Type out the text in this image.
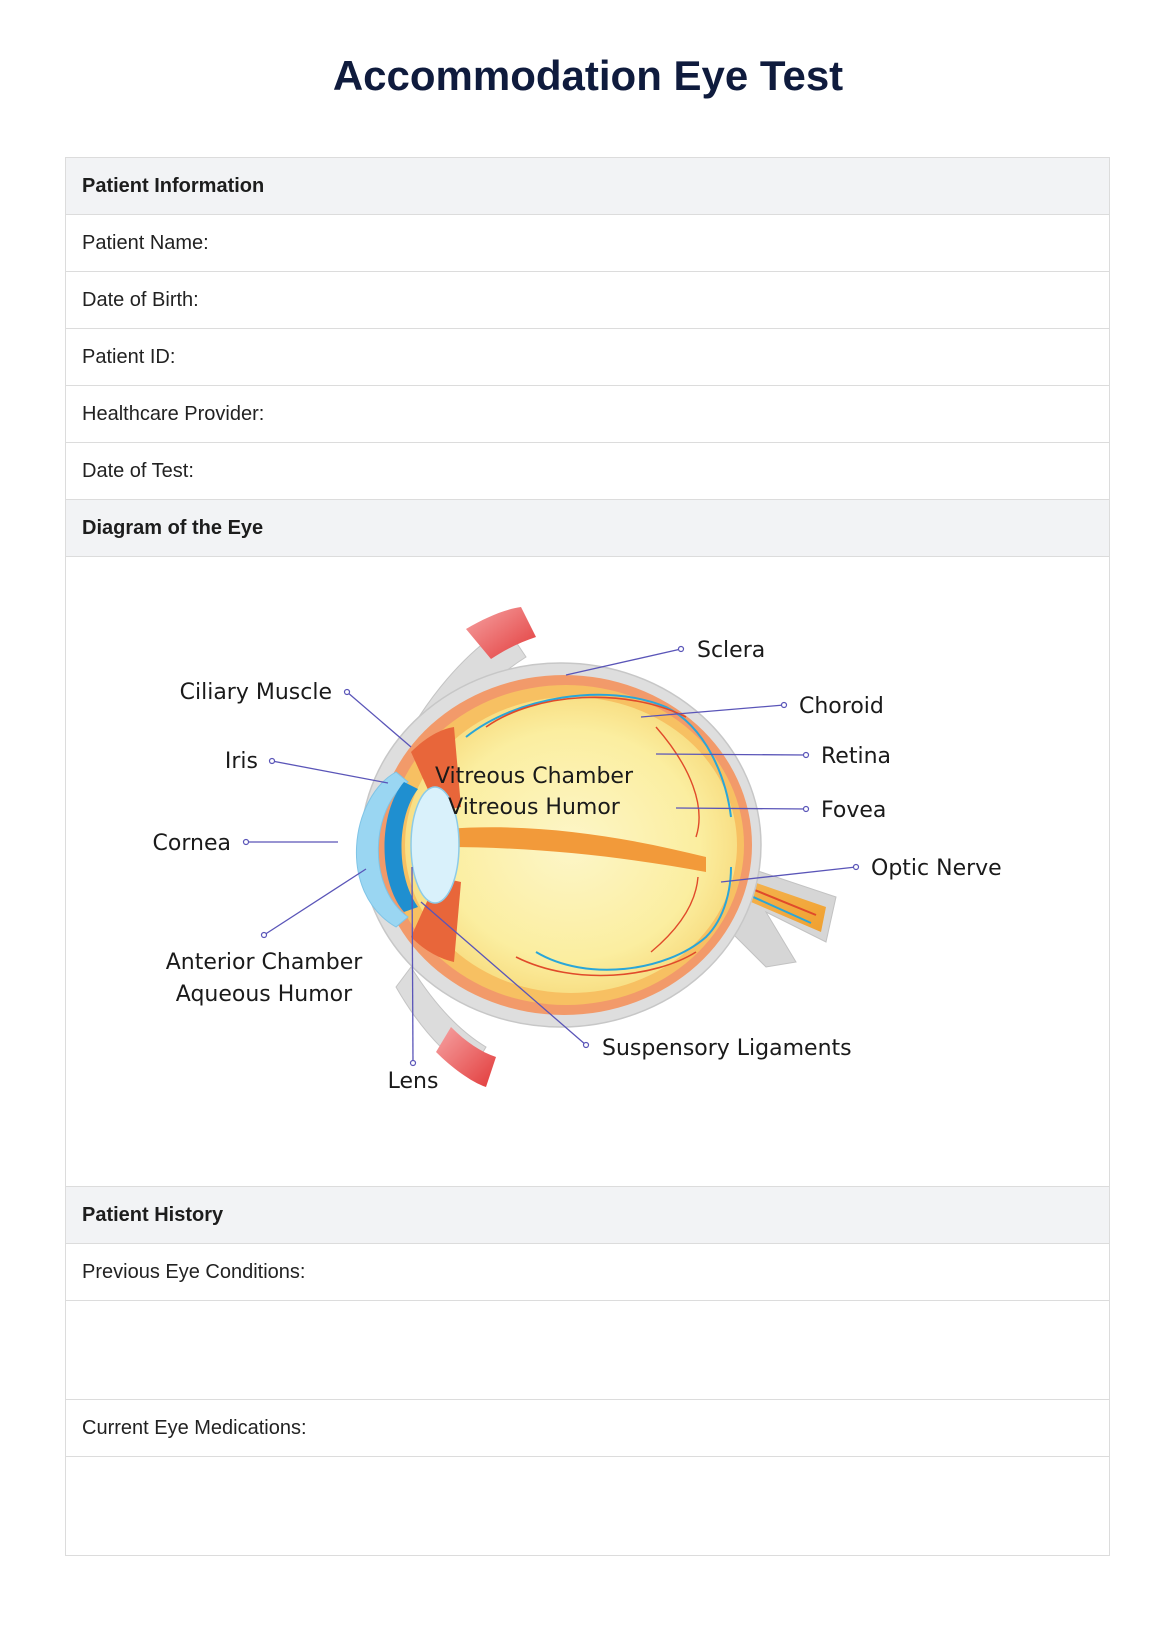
Accommodation Eye Test
Patient Information
Patient Name:
Date of Birth:
Patient ID:
Healthcare Provider:
Date of Test:
Diagram of the Eye
Sclera
Choroid
Retina
Fovea
Optic Nerve
Ciliary Muscle
Iris
Cornea
Anterior Chamber
Aqueous Humor
Vitreous Chamber
Vitreous Humor
Lens
Suspensory Ligaments
Patient History
Previous Eye Conditions:
Current Eye Medications:
